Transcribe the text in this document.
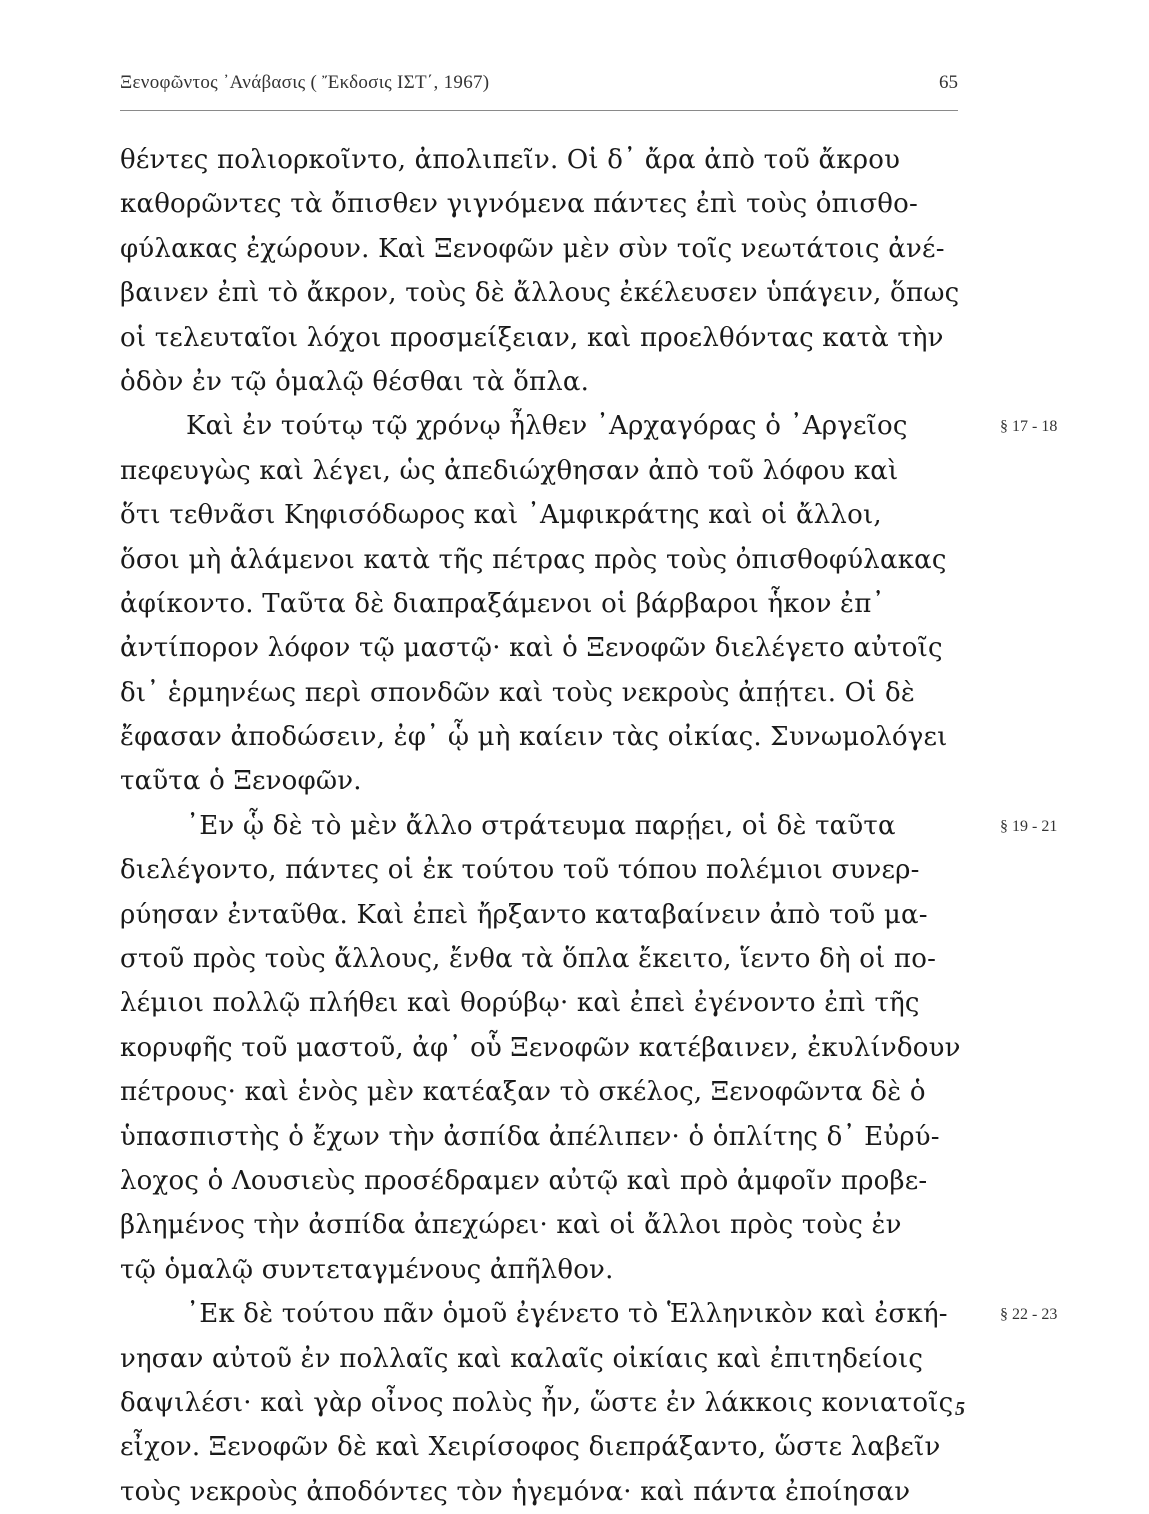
Ξενοφῶντος ᾿Ανάβασις ( Ἔκδοσις ΙΣΤ΄, 1967)	65
θέντες πολιορκοῖντο, ἀπολιπεῖν. Οἱ δ᾿ ἄρα ἀπὸ τοῦ ἄκρου
καθορῶντες τὰ ὄπισθεν γιγνόμενα πάντες ἐπὶ τοὺς ὀπισθο-
φύλακας ἐχώρουν. Καὶ Ξενοφῶν μὲν σὺν τοῖς νεωτάτοις ἀνέ-
βαινεν ἐπὶ τὸ ἄκρον, τοὺς δὲ ἄλλους ἐκέλευσεν ὑπάγειν, ὅπως
οἱ τελευταῖοι λόχοι προσμείξειαν, καὶ προελθόντας κατὰ τὴν
ὁδὸν ἐν τῷ ὁμαλῷ θέσθαι τὰ ὅπλα.
Καὶ ἐν τούτῳ τῷ χρόνῳ ἦλθεν ᾿Αρχαγόρας ὁ ᾿Αργεῖος
πεφευγὼς καὶ λέγει, ὡς ἀπεδιώχθησαν ἀπὸ τοῦ λόφου καὶ
ὅτι τεθνᾶσι Κηφισόδωρος καὶ ᾿Αμφικράτης καὶ οἱ ἄλλοι,
ὅσοι μὴ ἁλάμενοι κατὰ τῆς πέτρας πρὸς τοὺς ὀπισθοφύλακας
ἀφίκοντο. Ταῦτα δὲ διαπραξάμενοι οἱ βάρβαροι ἧκον ἐπ᾿
ἀντίπορον λόφον τῷ μαστῷ· καὶ ὁ Ξενοφῶν διελέγετο αὐτοῖς
δι᾿ ἑρμηνέως περὶ σπονδῶν καὶ τοὺς νεκροὺς ἀπῄτει. Οἱ δὲ
ἔφασαν ἀποδώσειν, ἐφ᾿ ᾧ μὴ καίειν τὰς οἰκίας. Συνωμολόγει
ταῦτα ὁ Ξενοφῶν.
᾿Εν ᾧ δὲ τὸ μὲν ἄλλο στράτευμα παρῄει, οἱ δὲ ταῦτα
διελέγοντο, πάντες οἱ ἐκ τούτου τοῦ τόπου πολέμιοι συνερ-
ρύησαν ἐνταῦθα. Καὶ ἐπεὶ ἤρξαντο καταβαίνειν ἀπὸ τοῦ μα-
στοῦ πρὸς τοὺς ἄλλους, ἔνθα τὰ ὅπλα ἔκειτο, ἵεντο δὴ οἱ πο-
λέμιοι πολλῷ πλήθει καὶ θορύβῳ· καὶ ἐπεὶ ἐγένοντο ἐπὶ τῆς
κορυφῆς τοῦ μαστοῦ, ἀφ᾿ οὗ Ξενοφῶν κατέβαινεν, ἐκυλίνδουν
πέτρους· καὶ ἑνὸς μὲν κατέαξαν τὸ σκέλος, Ξενοφῶντα δὲ ὁ
ὑπασπιστὴς ὁ ἔχων τὴν ἀσπίδα ἀπέλιπεν· ὁ ὁπλίτης δ᾿ Εὐρύ-
λοχος ὁ Λουσιεὺς προσέδραμεν αὐτῷ καὶ πρὸ ἀμφοῖν προβε-
βλημένος τὴν ἀσπίδα ἀπεχώρει· καὶ οἱ ἄλλοι πρὸς τοὺς ἐν
τῷ ὁμαλῷ συντεταγμένους ἀπῆλθον.
᾿Εκ δὲ τούτου πᾶν ὁμοῦ ἐγένετο τὸ Ἑλληνικὸν καὶ ἐσκή-
νησαν αὐτοῦ ἐν πολλαῖς καὶ καλαῖς οἰκίαις καὶ ἐπιτηδείοις
δαψιλέσι· καὶ γὰρ οἶνος πολὺς ἦν, ὥστε ἐν λάκκοις κονιατοῖς
εἶχον. Ξενοφῶν δὲ καὶ Χειρίσοφος διεπράξαντο, ὥστε λαβεῖν
τοὺς νεκροὺς ἀποδόντες τὸν ἡγεμόνα· καὶ πάντα ἐποίησαν
§ 17 - 18
§ 19 - 21
§ 22 - 23
5
